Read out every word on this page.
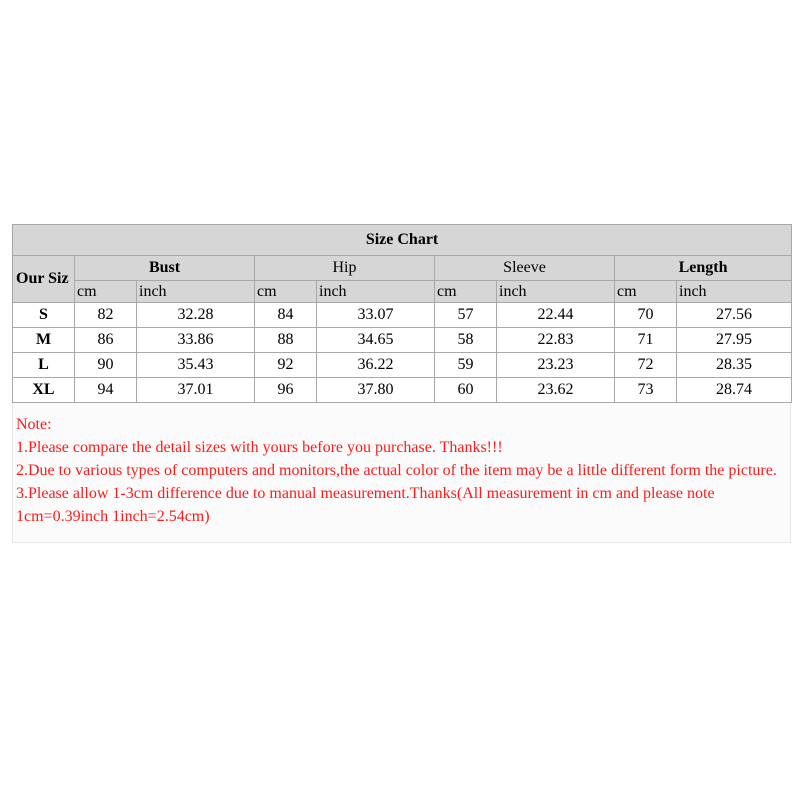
Size Chart								
Our Siz	Bust		Hip		Sleeve		Length	
	cm	inch	cm	inch	cm	inch	cm	inch
S	82	32.28	84	33.07	57	22.44	70	27.56
M	86	33.86	88	34.65	58	22.83	71	27.95
L	90	35.43	92	36.22	59	23.23	72	28.35
XL	94	37.01	96	37.80	60	23.62	73	28.74
Note:
1.Please compare the detail sizes with yours before you purchase. Thanks!!!
2.Due to various types of computers and monitors,the actual color of the item may be a little different form the picture.
3.Please allow 1-3cm difference due to manual measurement.Thanks(All measurement in cm and please note 1cm=0.39inch 1inch=2.54cm)
